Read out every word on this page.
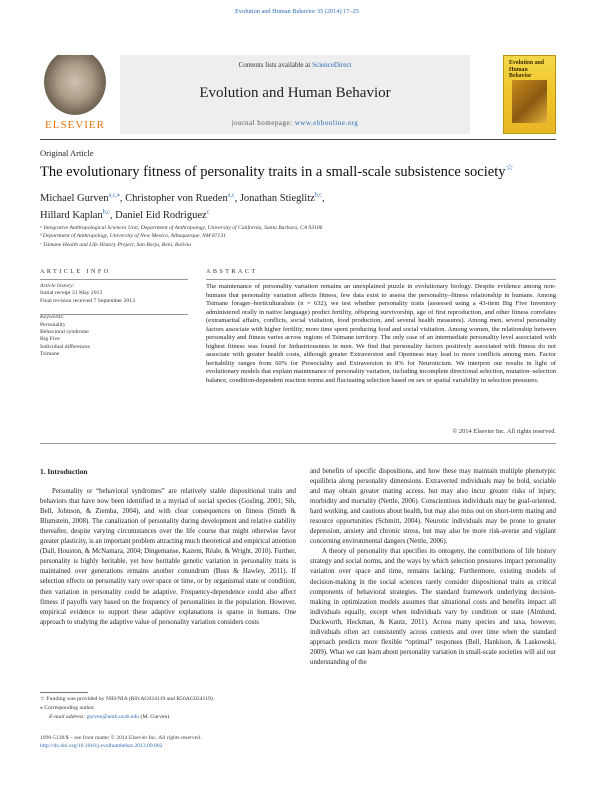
Evolution and Human Behavior 35 (2014) 17–25
ELSEVIER
Contents lists available at ScienceDirect
Evolution and Human Behavior
journal homepage: www.ehbonline.org
Evolution and Human Behavior
Original Article
The evolutionary fitness of personality traits in a small-scale subsistence society☆
Michael Gurven$^{a,c,⁎}$, Christopher von Rueden$^{a,c}$, Jonathan Stieglitz$^{b,c}$,
Hillard Kaplan$^{b,c}$, Daniel Eid Rodriguez$^c$
ᵃ Integrative Anthropological Sciences Unit, Department of Anthropology, University of California, Santa Barbara, CA 93106
ᵇ Department of Anthropology, University of New Mexico, Albuquerque, NM 87131
ᶜ Tsimane Health and Life History Project, San Borja, Beni, Bolivia
ARTICLE INFO	ABSTRACT
Article history:
Initial receipt 31 May 2013
Final revision received 7 September 2013
Keywords:
Personality
Behavioral syndrome
Big Five
Individual differences
Tsimane
The maintenance of personality variation remains an unexplained puzzle in evolutionary biology. Despite evidence among non-humans that personality variation affects fitness, few data exist to assess the personality–fitness relationship in humans. Among Tsimane forager–horticulturalists (n = 632), we test whether personality traits (assessed using a 43-item Big Five Inventory administered orally in native language) predict fertility, offspring survivorship, age of first reproduction, and other fitness correlates (extramarital affairs, conflicts, social visitation, food production, and several health measures). Among men, several personality factors associate with higher fertility, more time spent producing food and social visitation. Among women, the relationship between personality and fitness varies across regions of Tsimane territory. The only case of an intermediate personality level associated with highest fitness was found for Industriousness in men. We find that personality factors positively associated with fitness do not associate with greater health costs, although greater Extraversion and Openness may lead to more conflicts among men. Factor heritability ranges from 60% for Prosociality and Extraversion to 8% for Neuroticism. We interpret our results in light of evolutionary models that explain maintenance of personality variation, including incomplete directional selection, mutation–selection balance, condition-dependent reaction norms and fluctuating selection based on sex or spatial variability in selection pressures.
© 2014 Elsevier Inc. All rights reserved.
1. Introduction

Personality or “behavioral syndromes” are relatively stable dispositional traits and behaviors that have now been identified in a myriad of social species (Gosling, 2001; Sih, Bell, Johnson, & Ziemba, 2004), and with clear consequences on fitness (Smith & Blumstein, 2008). The canalization of personality during development and relative stability thereafter, despite varying circumstances over the life course that might otherwise favor greater plasticity, is an important problem attracting much theoretical and empirical attention (Dall, Houston, & McNamara, 2004; Dingemanse, Kazem, Réale, & Wright, 2010). Further, personality is highly heritable, yet how heritable genetic variation in personality traits is maintained over generations remains another conundrum (Buss & Hawley, 2011). If selection effects on personality vary over space or time, or by organismal state or condition, then variation in personality could be adaptive. Frequency-dependence could also affect fitness if payoffs vary based on the frequency of personalities in the population. However, empirical evidence to support these adaptive explanations is sparse in humans. One approach to studying the adaptive value of personality variation considers costs

and benefits of specific dispositions, and how these may maintain multiple phenotypic equilibria along personality dimensions. Extraverted individuals may be bold, sociable and may obtain greater mating access, but may also incur greater risks of injury, morbidity and mortality (Nettle, 2006). Conscientious individuals may be goal-oriented, hard working, and cautious about health, but may also miss out on short-term mating and resource opportunities (Schmitt, 2004). Neurotic individuals may be prone to greater depression, anxiety and chronic stress, but may also be more risk-averse and vigilant concerning environmental dangers (Nettle, 2006).

A theory of personality that specifies its ontogeny, the contributions of life history strategy and social norms, and the ways by which selection pressures impact personality variation over space and time, remains lacking. Furthermore, existing models of decision-making in the social sciences rarely consider dispositional traits as critical components of behavioral strategies. The standard framework underlying decision-making in optimization models assumes that situational costs and benefits impact all individuals equally, except when individuals vary by condition or state (Almlund, Duckworth, Heckman, & Kautz, 2011). Across many species and taxa, however, individuals often act consistently across contexts and over time when the standard approach predicts more flexible “optimal” responses (Bell, Hankison, & Laskowski, 2009). What we can learn about personality variation in small-scale societies will aid our understanding of the

☆ Funding was provided by NIH/NIA (R01AG024119 and R56AG024119).
⁎ Corresponding author.
E-mail address: gurven@anth.ucsb.edu (M. Gurven).
1090-5138/$ – see front matter © 2014 Elsevier Inc. All rights reserved.
http://dx.doi.org/10.1016/j.evolhumbehav.2013.09.002
